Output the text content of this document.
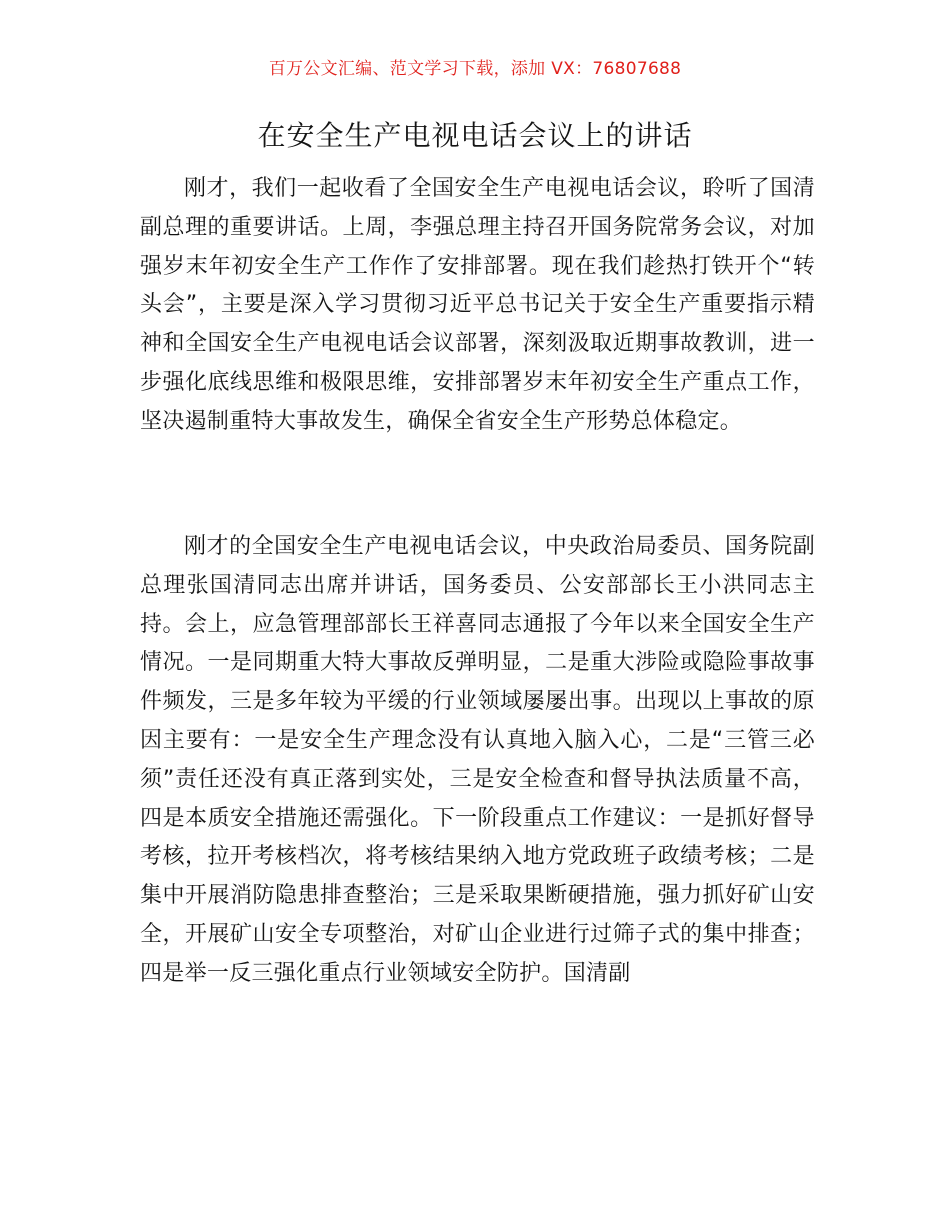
百万公文汇编、范文学习下载，添加 VX：76807688
在安全生产电视电话会议上的讲话

刚才，我们一起收看了全国安全生产电视电话会议，聆听了国清副总理的重要讲话。上周，李强总理主持召开国务院常务会议，对加强岁末年初安全生产工作作了安排部署。现在我们趁热打铁开个“转头会”，主要是深入学习贯彻习近平总书记关于安全生产重要指示精神和全国安全生产电视电话会议部署，深刻汲取近期事故教训，进一步强化底线思维和极限思维，安排部署岁末年初安全生产重点工作，坚决遏制重特大事故发生，确保全省安全生产形势总体稳定。

刚才的全国安全生产电视电话会议，中央政治局委员、国务院副总理张国清同志出席并讲话，国务委员、公安部部长王小洪同志主持。会上，应急管理部部长王祥喜同志通报了今年以来全国安全生产情况。一是同期重大特大事故反弹明显，二是重大涉险或隐险事故事件频发，三是多年较为平缓的行业领域屡屡出事。出现以上事故的原因主要有：一是安全生产理念没有认真地入脑入心，二是“三管三必须”责任还没有真正落到实处，三是安全检查和督导执法质量不高，四是本质安全措施还需强化。下一阶段重点工作建议：一是抓好督导考核，拉开考核档次，将考核结果纳入地方党政班子政绩考核；二是集中开展消防隐患排查整治；三是采取果断硬措施，强力抓好矿山安全，开展矿山安全专项整治，对矿山企业进行过筛子式的集中排查；四是举一反三强化重点行业领域安全防护。国清副
